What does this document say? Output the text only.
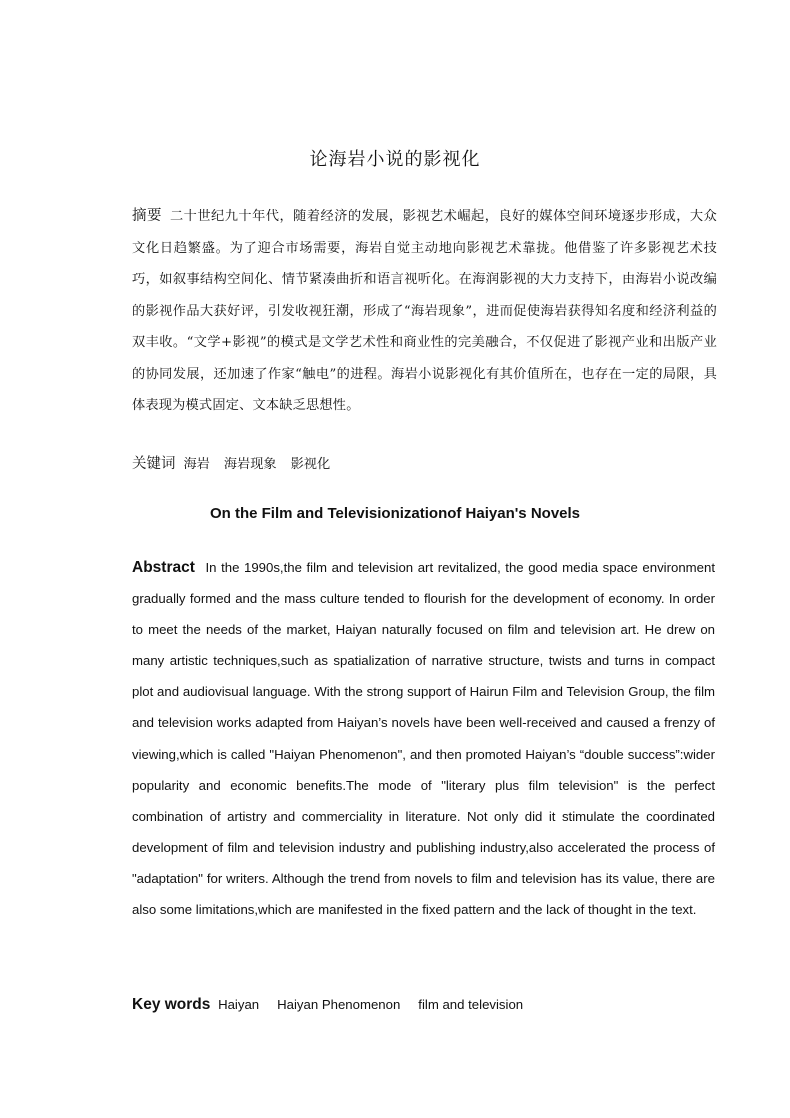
论海岩小说的影视化
摘要 二十世纪九十年代，随着经济的发展，影视艺术崛起，良好的媒体空间环境逐步形成，大众文化日趋繁盛。为了迎合市场需要，海岩自觉主动地向影视艺术靠拢。他借鉴了许多影视艺术技巧，如叙事结构空间化、情节紧凑曲折和语言视听化。在海润影视的大力支持下，由海岩小说改编的影视作品大获好评，引发收视狂潮，形成了“海岩现象”，进而促使海岩获得知名度和经济利益的双丰收。“文学+影视”的模式是文学艺术性和商业性的完美融合，不仅促进了影视产业和出版产业的协同发展，还加速了作家“触电”的进程。海岩小说影视化有其价值所在，也存在一定的局限，具体表现为模式固定、文本缺乏思想性。
关键词 海岩 海岩现象 影视化
On the Film and Televisionizationof Haiyan's Novels
Abstract In the 1990s,the film and television art revitalized, the good media space environment gradually formed and the mass culture tended to flourish for the development of economy. In order to meet the needs of the market, Haiyan naturally focused on film and television art. He drew on many artistic techniques,such as spatialization of narrative structure, twists and turns in compact plot and audiovisual language. With the strong support of Hairun Film and Television Group, the film and television works adapted from Haiyan’s novels have been well-received and caused a frenzy of viewing,which is called "Haiyan Phenomenon", and then promoted Haiyan’s “double success”:wider popularity and economic benefits.The mode of "literary plus film television" is the perfect combination of artistry and commerciality in literature. Not only did it stimulate the coordinated development of film and television industry and publishing industry,also accelerated the process of "adaptation" for writers. Although the trend from novels to film and television has its value, there are also some limitations,which are manifested in the fixed pattern and the lack of thought in the text.
Key words Haiyan Haiyan Phenomenon film and television
